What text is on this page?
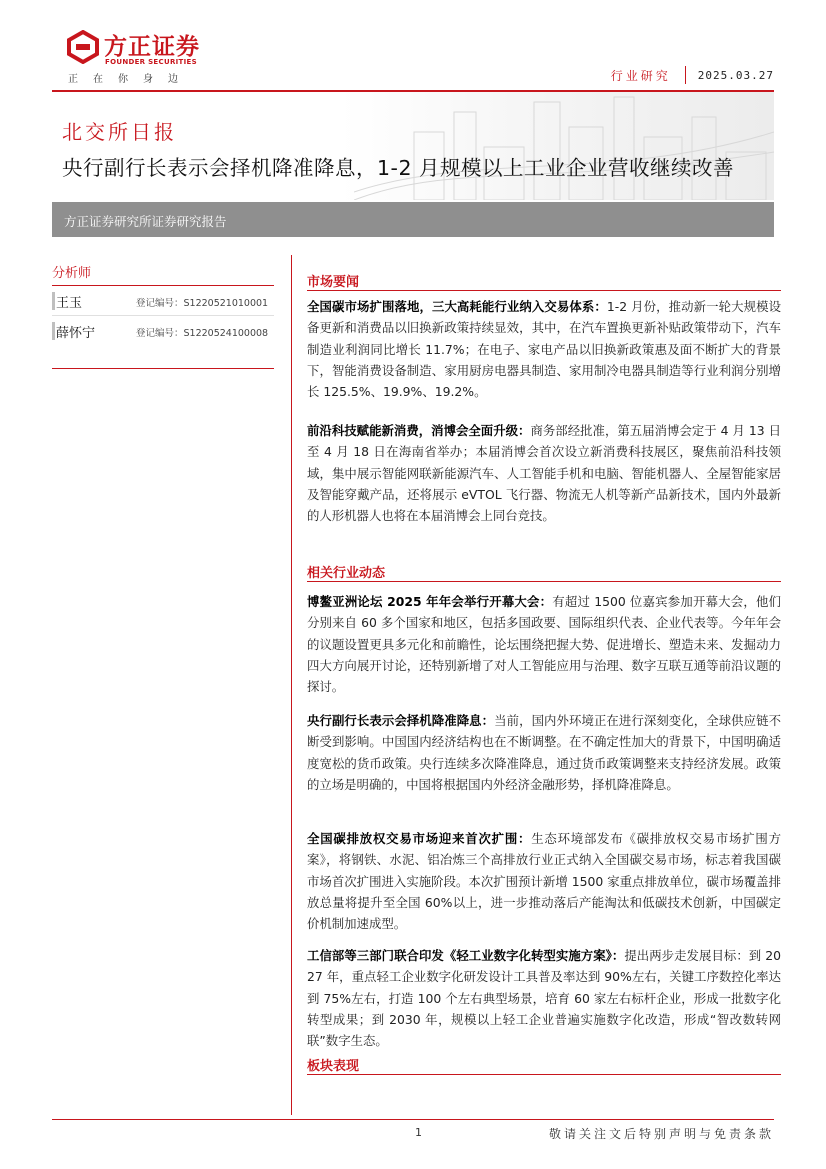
方正证券
FOUNDER SECURITIES
正在你身边	行业研究 2025.03.27
北交所日报
央行副行长表示会择机降准降息，1-2 月规模以上工业企业营收继续改善
方正证券研究所证券研究报告
分析师
王玉	登记编号：S1220521010001
薛怀宁	登记编号：S1220524100008
市场要闻

全国碳市场扩围落地，三大高耗能行业纳入交易体系：1-2 月份，推动新一轮大规模设备更新和消费品以旧换新政策持续显效，其中，在汽车置换更新补贴政策带动下，汽车制造业利润同比增长 11.7%；在电子、家电产品以旧换新政策惠及面不断扩大的背景下，智能消费设备制造、家用厨房电器具制造、家用制冷电器具制造等行业利润分别增长 125.5%、19.9%、19.2%。

前沿科技赋能新消费，消博会全面升级：商务部经批准，第五届消博会定于 4 月 13 日至 4 月 18 日在海南省举办；本届消博会首次设立新消费科技展区，聚焦前沿科技领域，集中展示智能网联新能源汽车、人工智能手机和电脑、智能机器人、全屋智能家居及智能穿戴产品，还将展示 eVTOL 飞行器、物流无人机等新产品新技术，国内外最新的人形机器人也将在本届消博会上同台竞技。

相关行业动态

博鳌亚洲论坛 2025 年年会举行开幕大会：有超过 1500 位嘉宾参加开幕大会，他们分别来自 60 多个国家和地区，包括多国政要、国际组织代表、企业代表等。今年年会的议题设置更具多元化和前瞻性，论坛围绕把握大势、促进增长、塑造未来、发掘动力四大方向展开讨论，还特别新增了对人工智能应用与治理、数字互联互通等前沿议题的探讨。

央行副行长表示会择机降准降息：当前，国内外环境正在进行深刻变化，全球供应链不断受到影响。中国国内经济结构也在不断调整。在不确定性加大的背景下，中国明确适度宽松的货币政策。央行连续多次降准降息，通过货币政策调整来支持经济发展。政策的立场是明确的，中国将根据国内外经济金融形势，择机降准降息。

全国碳排放权交易市场迎来首次扩围：生态环境部发布《碳排放权交易市场扩围方案》，将钢铁、水泥、铝冶炼三个高排放行业正式纳入全国碳交易市场，标志着我国碳市场首次扩围进入实施阶段。本次扩围预计新增 1500 家重点排放单位，碳市场覆盖排放总量将提升至全国 60%以上，进一步推动落后产能淘汰和低碳技术创新，中国碳定价机制加速成型。

工信部等三部门联合印发《轻工业数字化转型实施方案》：提出两步走发展目标：到 2027 年，重点轻工企业数字化研发设计工具普及率达到 90%左右，关键工序数控化率达到 75%左右，打造 100 个左右典型场景，培育 60 家左右标杆企业，形成一批数字化转型成果；到 2030 年，规模以上轻工企业普遍实施数字化改造，形成“智改数转网联”数字生态。

板块表现
1	敬请关注文后特别声明与免责条款
